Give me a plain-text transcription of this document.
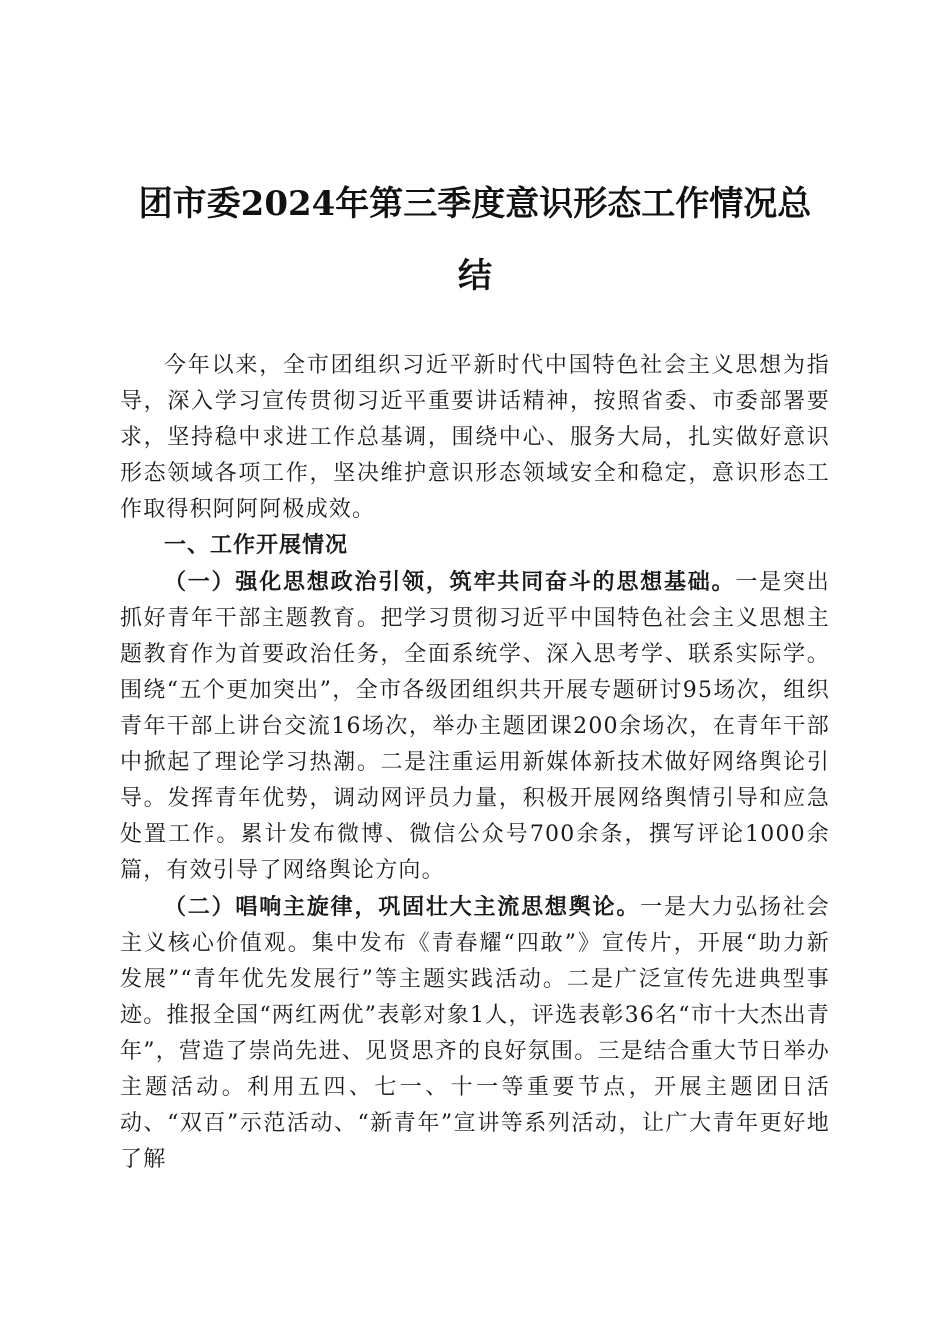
团市委2024年第三季度意识形态工作情况总
结

今年以来，全市团组织习近平新时代中国特色社会主义思想为指导，深入学习宣传贯彻习近平重要讲话精神，按照省委、市委部署要求，坚持稳中求进工作总基调，围绕中心、服务大局，扎实做好意识形态领域各项工作，坚决维护意识形态领域安全和稳定，意识形态工作取得积阿阿阿极成效。

一、工作开展情况

（一）强化思想政治引领，筑牢共同奋斗的思想基础。一是突出抓好青年干部主题教育。把学习贯彻习近平中国特色社会主义思想主题教育作为首要政治任务，全面系统学、深入思考学、联系实际学。围绕“五个更加突出”，全市各级团组织共开展专题研讨95场次，组织青年干部上讲台交流16场次，举办主题团课200余场次，在青年干部中掀起了理论学习热潮。二是注重运用新媒体新技术做好网络舆论引导。发挥青年优势，调动网评员力量，积极开展网络舆情引导和应急处置工作。累计发布微博、微信公众号700余条，撰写评论1000余篇，有效引导了网络舆论方向。

（二）唱响主旋律，巩固壮大主流思想舆论。一是大力弘扬社会主义核心价值观。集中发布《青春耀“四敢”》宣传片，开展“助力新发展”“青年优先发展行”等主题实践活动。二是广泛宣传先进典型事迹。推报全国“两红两优”表彰对象1人，评选表彰36名“市十大杰出青年”，营造了崇尚先进、见贤思齐的良好氛围。三是结合重大节日举办主题活动。利用五四、七一、十一等重要节点，开展主题团日活动、“双百”示范活动、“新青年”宣讲等系列活动，让广大青年更好地了解
